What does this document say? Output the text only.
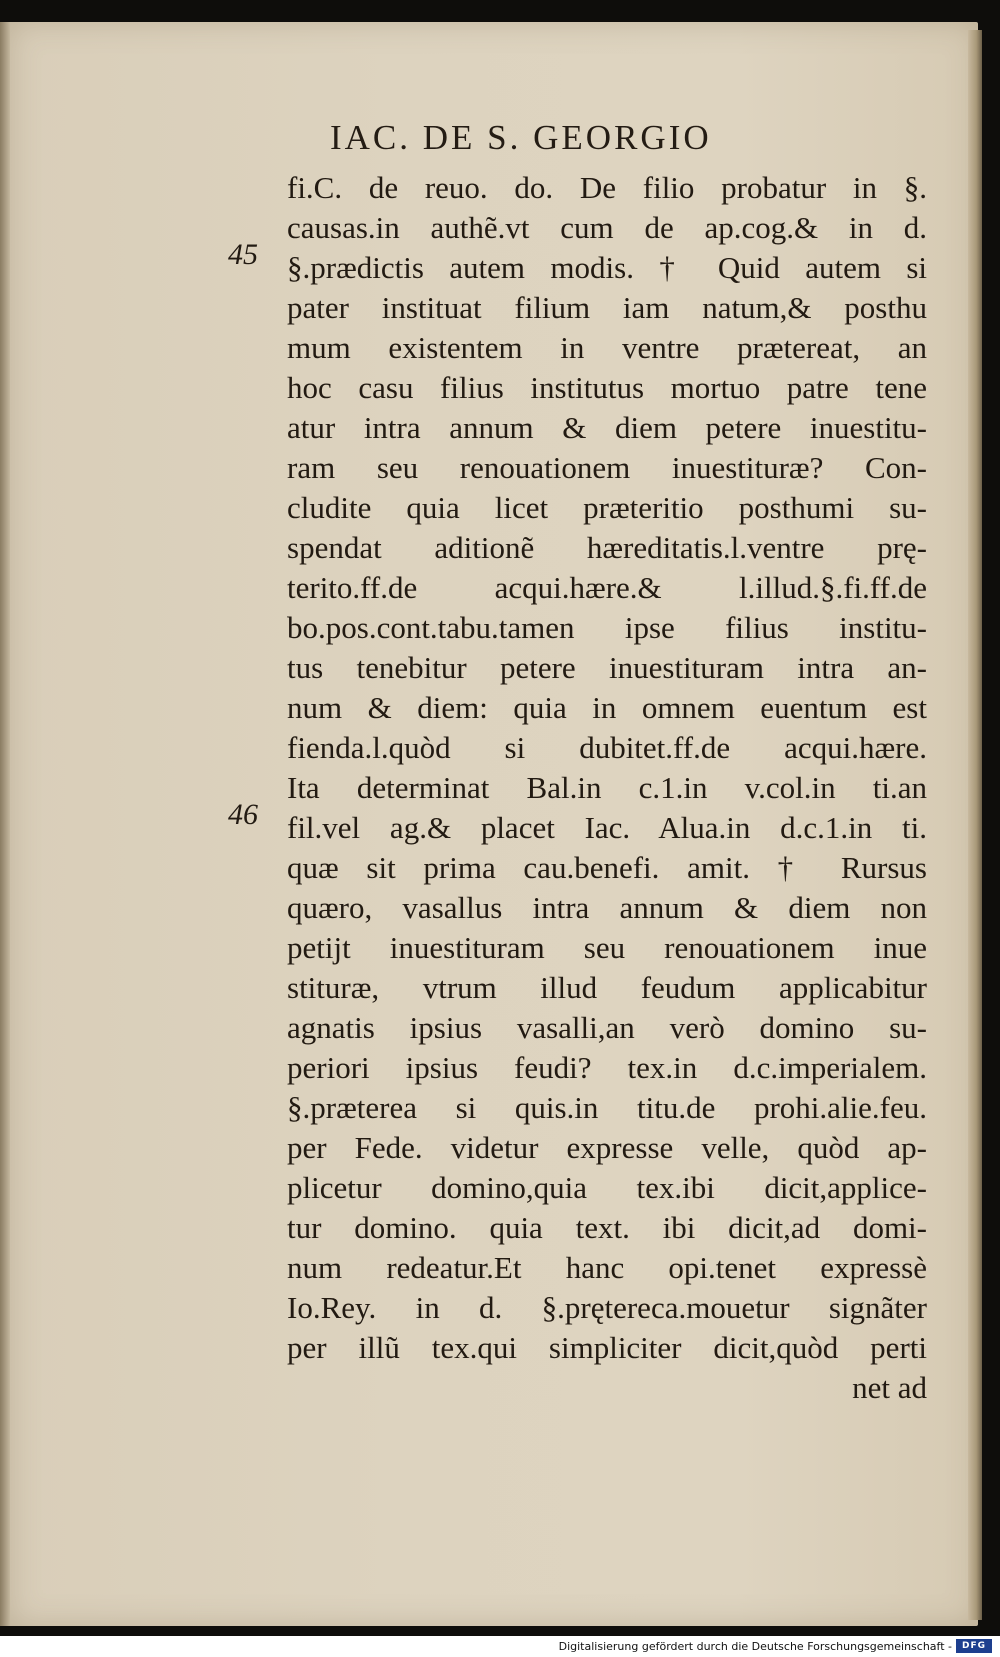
IAC. DE S. GEORGIO
45
46
fi.C. de reuo. do. De filio probatur in §.
causas.in authẽ.vt cum de ap.cog.& in d.
§.prædictis autem modis. † Quid autem si
pater instituat filium iam natum,& posthu
mum existentem in ventre prætereat, an
hoc casu filius institutus mortuo patre tene
atur intra annum & diem petere inuestitu-
ram seu renouationem inuestituræ? Con-
cludite quia licet præteritio posthumi su-
spendat aditionẽ hæreditatis.l.ventre prę-
terito.ff.de acqui.hære.& l.illud.§.fi.ff.de
bo.pos.cont.tabu.tamen ipse filius institu-
tus tenebitur petere inuestituram intra an-
num & diem: quia in omnem euentum est
fienda.l.quòd si dubitet.ff.de acqui.hære.
Ita determinat Bal.in c.1.in v.col.in ti.an
fil.vel ag.& placet Iac. Alua.in d.c.1.in ti.
quæ sit prima cau.benefi. amit. † Rursus
quæro, vasallus intra annum & diem non
petijt inuestituram seu renouationem inue
stituræ, vtrum illud feudum applicabitur
agnatis ipsius vasalli,an verò domino su-
periori ipsius feudi? tex.in d.c.imperialem.
§.præterea si quis.in titu.de prohi.alie.feu.
per Fede. videtur expresse velle, quòd ap-
plicetur domino,quia tex.ibi dicit,applice-
tur domino. quia text. ibi dicit,ad domi-
num redeatur.Et hanc opi.tenet expressè
Io.Rey. in d. §.prętereca.mouetur signãter
per illũ tex.qui simpliciter dicit,quòd perti
net ad
Digitalisierung gefördert durch die Deutsche Forschungsgemeinschaft -	DFG
